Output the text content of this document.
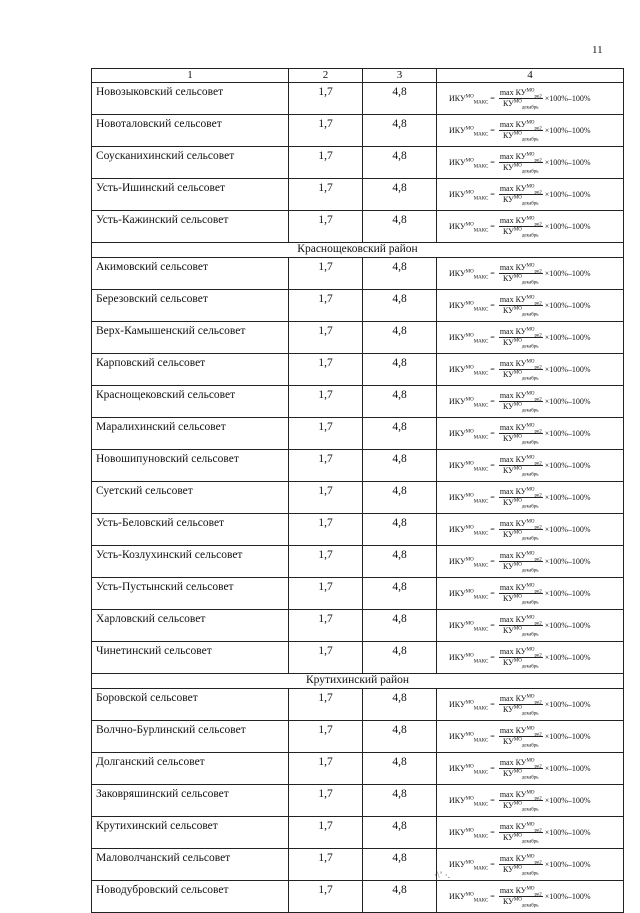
11
1	2	3	4
Новозыковский сельсовет	1,7	4,8	$ИКУ^{МО}_{МАКС}$
= $\frac{\max КУ^{МО}_{pe2}}{КУ^{МО}_{декабрь}} \times 100\%-100\%$

Новоталовский сельсовет	1,7	4,8	$ИКУ^{МО}_{МАКС}$
= $\frac{\max КУ^{МО}_{pe2}}{КУ^{МО}_{декабрь}} \times 100\%-100\%$

Соусканихинский сельсовет	1,7	4,8	$ИКУ^{МО}_{МАКС}$
= $\frac{\max КУ^{МО}_{pe2}}{КУ^{МО}_{декабрь}} \times 100\%-100\%$

Усть-Ишинский сельсовет	1,7	4,8	$ИКУ^{МО}_{МАКС}$
= $\frac{\max КУ^{МО}_{pe2}}{КУ^{МО}_{декабрь}} \times 100\%-100\%$

Усть-Кажинский сельсовет	1,7	4,8	$ИКУ^{МО}_{МАКС}$
= $\frac{\max КУ^{МО}_{pe2}}{КУ^{МО}_{декабрь}} \times 100\%-100\%$

Краснощековский район			
Акимовский сельсовет	1,7	4,8	$ИКУ^{МО}_{МАКС}$
= $\frac{\max КУ^{МО}_{pe2}}{КУ^{МО}_{декабрь}} \times 100\%-100\%$

Березовский сельсовет	1,7	4,8	$ИКУ^{МО}_{МАКС}$
= $\frac{\max КУ^{МО}_{pe2}}{КУ^{МО}_{декабрь}} \times 100\%-100\%$

Верх-Камышенский сельсовет	1,7	4,8	$ИКУ^{МО}_{МАКС}$
= $\frac{\max КУ^{МО}_{pe2}}{КУ^{МО}_{декабрь}} \times 100\%-100\%$

Карповский сельсовет	1,7	4,8	$ИКУ^{МО}_{МАКС}$
= $\frac{\max КУ^{МО}_{pe2}}{КУ^{МО}_{декабрь}} \times 100\%-100\%$

Краснощековский сельсовет	1,7	4,8	$ИКУ^{МО}_{МАКС}$
= $\frac{\max КУ^{МО}_{pe2}}{КУ^{МО}_{декабрь}} \times 100\%-100\%$

Маралихинский сельсовет	1,7	4,8	$ИКУ^{МО}_{МАКС}$
= $\frac{\max КУ^{МО}_{pe2}}{КУ^{МО}_{декабрь}} \times 100\%-100\%$

Новошипуновский сельсовет	1,7	4,8	$ИКУ^{МО}_{МАКС}$
= $\frac{\max КУ^{МО}_{pe2}}{КУ^{МО}_{декабрь}} \times 100\%-100\%$

Суетский сельсовет	1,7	4,8	$ИКУ^{МО}_{МАКС}$
= $\frac{\max КУ^{МО}_{pe2}}{КУ^{МО}_{декабрь}} \times 100\%-100\%$

Усть-Беловский сельсовет	1,7	4,8	$ИКУ^{МО}_{МАКС}$
= $\frac{\max КУ^{МО}_{pe2}}{КУ^{МО}_{декабрь}} \times 100\%-100\%$

Усть-Козлухинский сельсовет	1,7	4,8	$ИКУ^{МО}_{МАКС}$
= $\frac{\max КУ^{МО}_{pe2}}{КУ^{МО}_{декабрь}} \times 100\%-100\%$

Усть-Пустынский сельсовет	1,7	4,8	$ИКУ^{МО}_{МАКС}$
= $\frac{\max КУ^{МО}_{pe2}}{КУ^{МО}_{декабрь}} \times 100\%-100\%$

Харловский сельсовет	1,7	4,8	$ИКУ^{МО}_{МАКС}$
= $\frac{\max КУ^{МО}_{pe2}}{КУ^{МО}_{декабрь}} \times 100\%-100\%$

Чинетинский сельсовет	1,7	4,8	$ИКУ^{МО}_{МАКС}$
= $\frac{\max КУ^{МО}_{pe2}}{КУ^{МО}_{декабрь}} \times 100\%-100\%$

Крутихинский район			
Боровской сельсовет	1,7	4,8	$ИКУ^{МО}_{МАКС}$
= $\frac{\max КУ^{МО}_{pe2}}{КУ^{МО}_{декабрь}} \times 100\%-100\%$

Волчно-Бурлинский сельсовет	1,7	4,8	$ИКУ^{МО}_{МАКС}$
= $\frac{\max КУ^{МО}_{pe2}}{КУ^{МО}_{декабрь}} \times 100\%-100\%$

Долганский сельсовет	1,7	4,8	$ИКУ^{МО}_{МАКС}$
= $\frac{\max КУ^{МО}_{pe2}}{КУ^{МО}_{декабрь}} \times 100\%-100\%$

Заковряшинский сельсовет	1,7	4,8	$ИКУ^{МО}_{МАКС}$
= $\frac{\max КУ^{МО}_{pe2}}{КУ^{МО}_{декабрь}} \times 100\%-100\%$

Крутихинский сельсовет	1,7	4,8	$ИКУ^{МО}_{МАКС}$
= $\frac{\max КУ^{МО}_{pe2}}{КУ^{МО}_{декабрь}} \times 100\%-100\%$

Маловолчанский сельсовет	1,7	4,8	$ИКУ^{МО}_{МАКС}$
= $\frac{\max КУ^{МО}_{pe2}}{КУ^{МО}_{декабрь}} \times 100\%-100\%$

Новодубровский сельсовет	1,7	4,8	$ИКУ^{МО}_{МАКС}$
= $\frac{\max КУ^{МО}_{pe2}}{КУ^{МО}_{декабрь}} \times 100\%-100\%$
·\ʼ ·.
